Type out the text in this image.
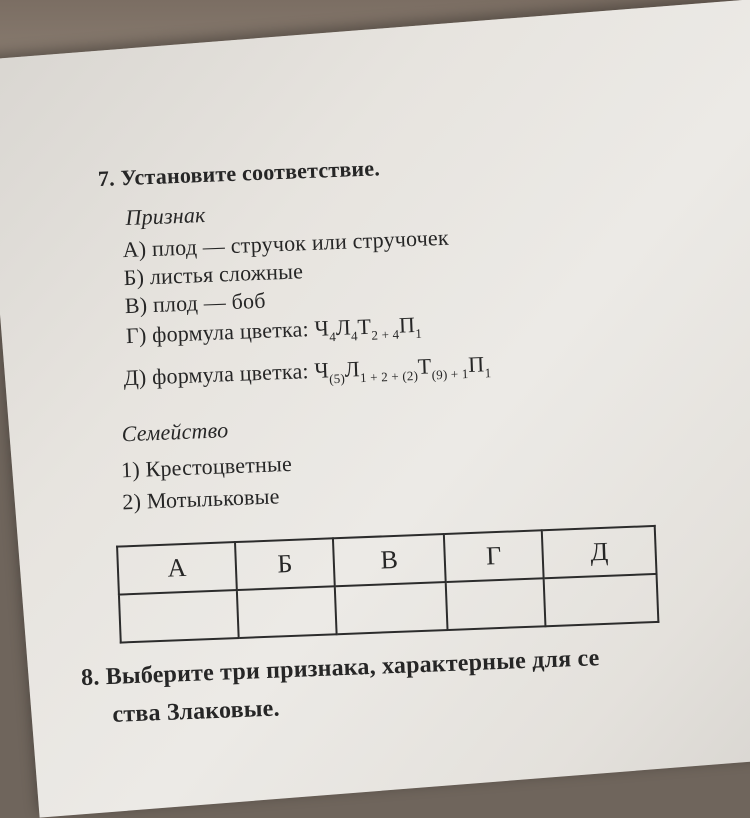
7. Установите соответствие.
Признак
А) плод — стручок или стручочек
Б) листья сложные
В) плод — боб
Г) формула цветка: $Ч_4Л_4Т_{2 + 4}П_1$
Д) формула цветка: $Ч_{(5)}Л_{1 + 2 + (2)}Т_{(9) + 1}П_1$
Семейство
1) Крестоцветные
2) Мотыльковые
А	Б	В	Г	Д

8. Выберите три признака, характерные для се
ства Злаковые.
